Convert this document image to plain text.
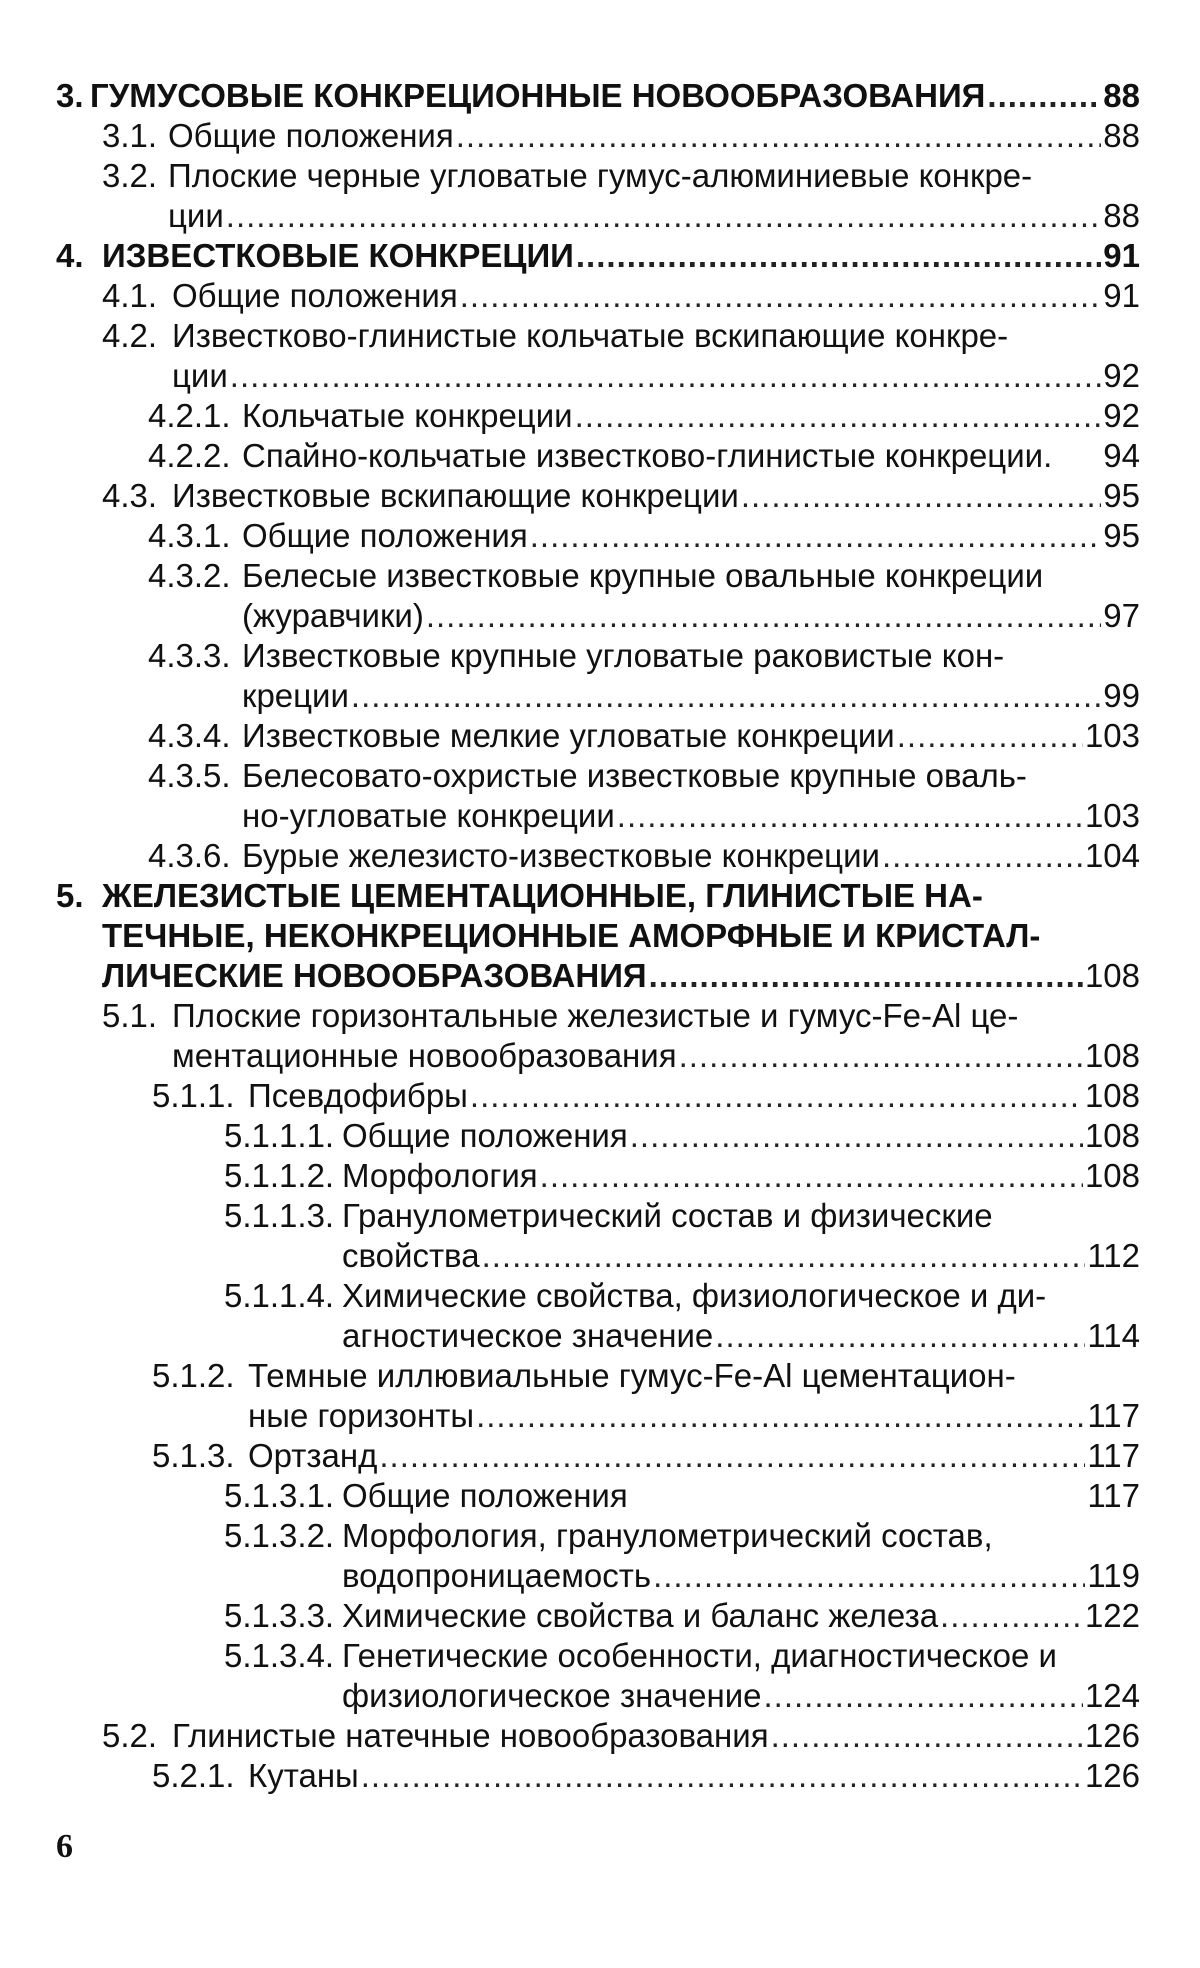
3. ГУМУСОВЫЕ КОНКРЕЦИОННЫЕ НОВООБРАЗОВАНИЯ .....	88
3.1. Общие положения .....	88
3.2. Плоские черные угловатые гумус-алюминиевые конкре-
ции .....	88
4. ИЗВЕСТКОВЫЕ КОНКРЕЦИИ .....	91
4.1. Общие положения .....	91
4.2. Известково-глинистые кольчатые вскипающие конкре-
ции .....	92
4.2.1. Кольчатые конкреции .....	92
4.2.2. Спайно-кольчатые известково-глинистые конкреции. 94
4.3. Известковые вскипающие конкреции .....	95
4.3.1. Общие положения .....	95
4.3.2. Белесые известковые крупные овальные конкреции
(журавчики) .....	97
4.3.3. Известковые крупные угловатые раковистые кон-
креции .....	99
4.3.4. Известковые мелкие угловатые конкреции .....	103
4.3.5. Белесовато-охристые известковые крупные оваль-
но-угловатые конкреции .....	103
4.3.6. Бурые железисто-известковые конкреции .....	104
5. ЖЕЛЕЗИСТЫЕ ЦЕМЕНТАЦИОННЫЕ, ГЛИНИСТЫЕ НА-
ТЕЧНЫЕ, НЕКОНКРЕЦИОННЫЕ АМОРФНЫЕ И КРИСТАЛ-
ЛИЧЕСКИЕ НОВООБРАЗОВАНИЯ .....	108
5.1. Плоские горизонтальные железистые и гумус-Fe-Al це-
ментационные новообразования .....	108
5.1.1. Псевдофибры .....	108
5.1.1.1. Общие положения .....	108
5.1.1.2. Морфология .....	108
5.1.1.3. Гранулометрический состав и физические
свойства .....	112
5.1.1.4. Химические свойства, физиологическое и ди-
агностическое значение .....	114
5.1.2. Темные иллювиальные гумус-Fe-Al цементацион-
ные горизонты .....	117
5.1.3. Ортзанд .....	117
5.1.3.1. Общие положения	117
5.1.3.2. Морфология, гранулометрический состав,
водопроницаемость .....	119
5.1.3.3. Химические свойства и баланс железа .....	122
5.1.3.4. Генетические особенности, диагностическое и
физиологическое значение .....	124
5.2. Глинистые натечные новообразования .....	126
5.2.1. Кутаны .....	126
6
